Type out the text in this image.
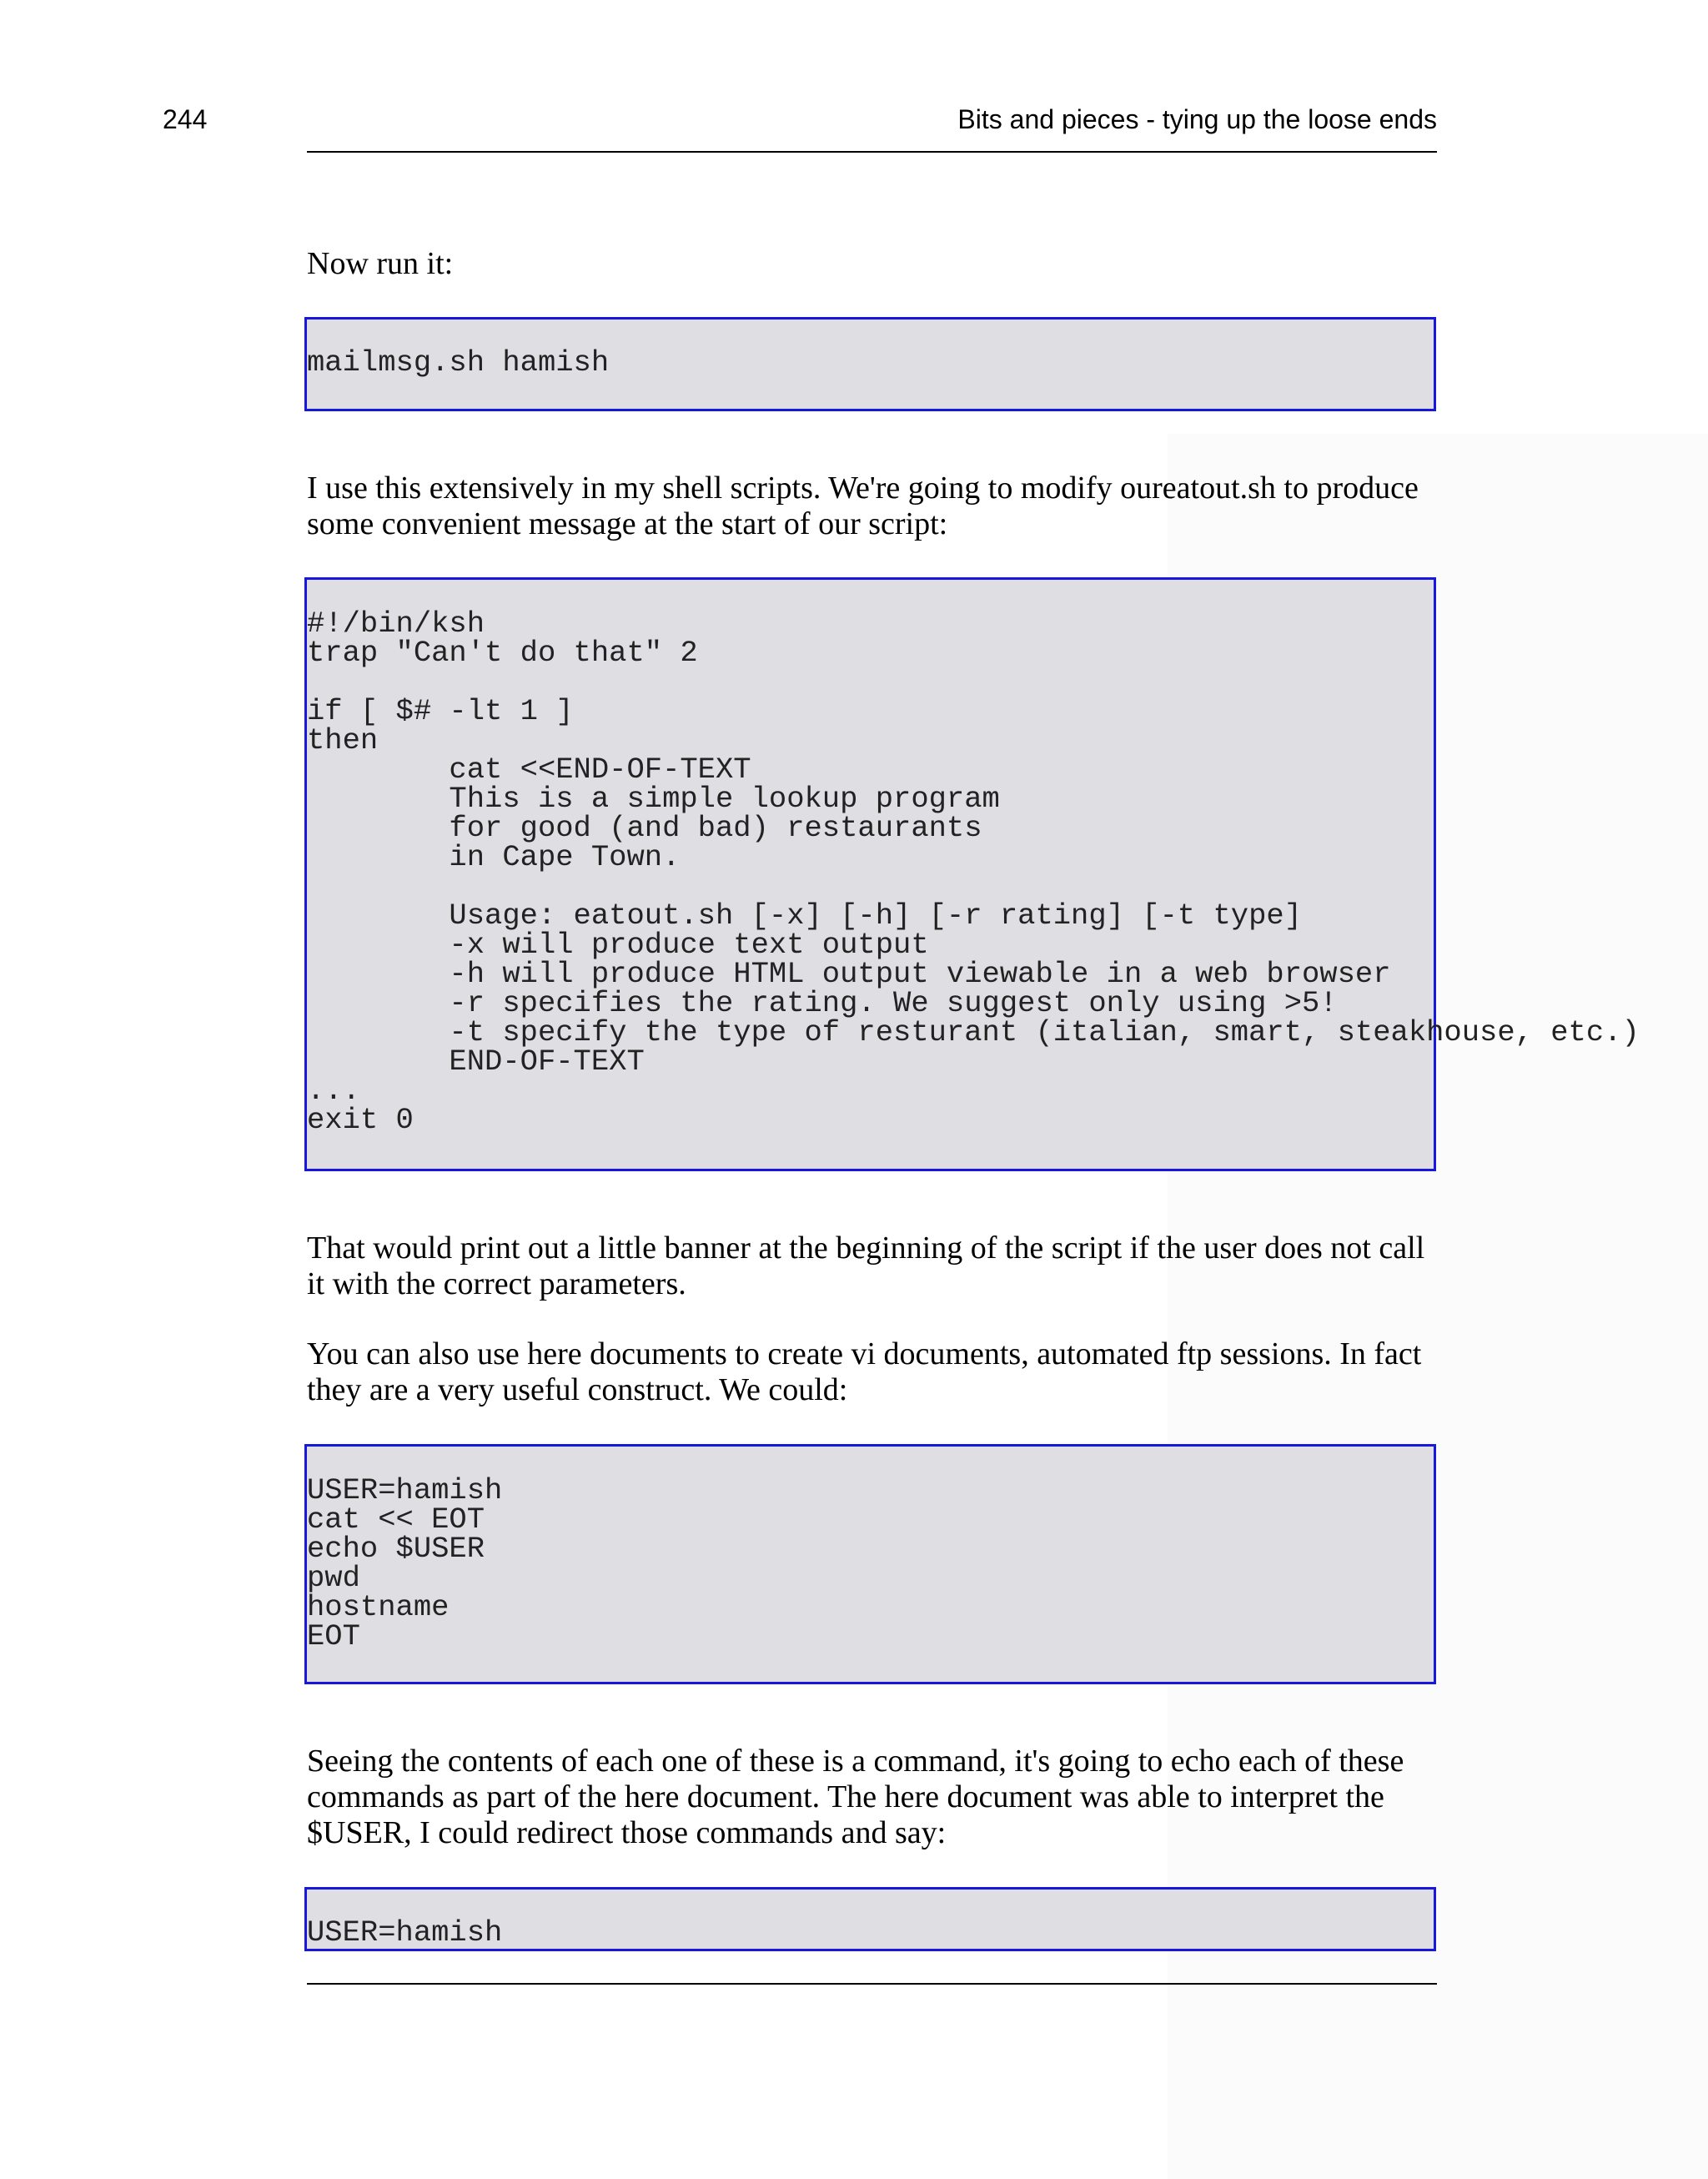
244	Bits and pieces - tying up the loose ends

Now run it:

mailmsg.sh hamish

I use this extensively in my shell scripts. We're going to modify oureatout.sh to produce some convenient message at the start of our script:

#!/bin/ksh
trap "Can't do that" 2

if [ $# -lt 1 ]
then
cat <<END-OF-TEXT
This is a simple lookup program
for good (and bad) restaurants
in Cape Town.

Usage: eatout.sh [-x] [-h] [-r rating] [-t type]
-x will produce text output
-h will produce HTML output viewable in a web browser
-r specifies the rating. We suggest only using >5!
-t specify the type of resturant (italian, smart, steakhouse, etc.)
END-OF-TEXT
...
exit 0

That would print out a little banner at the beginning of the script if the user does not call it with the correct parameters.

You can also use here documents to create vi documents, automated ftp sessions. In fact they are a very useful construct. We could:

USER=hamish
cat << EOT
echo $USER
pwd
hostname
EOT

Seeing the contents of each one of these is a command, it's going to echo each of these commands as part of the here document. The here document was able to interpret the $USER, I could redirect those commands and say:

USER=hamish
